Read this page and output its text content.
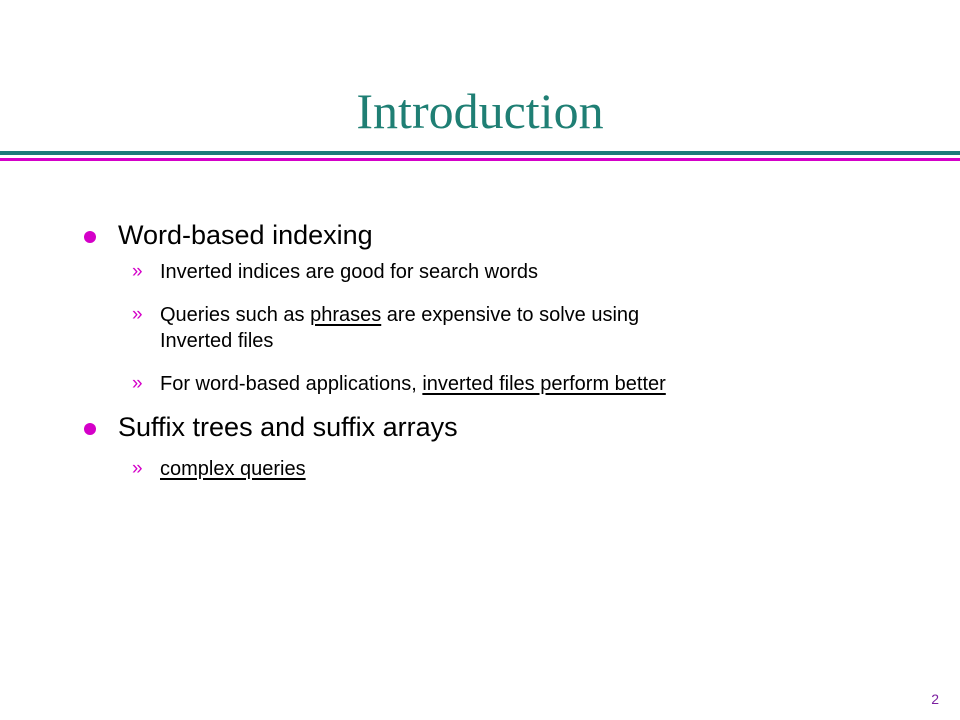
Introduction
Word-based indexing
» Inverted indices are good for search words
» Queries such as phrases are expensive to solve using
Inverted files
» For word-based applications, inverted files perform better
Suffix trees and suffix arrays
» complex queries
2
